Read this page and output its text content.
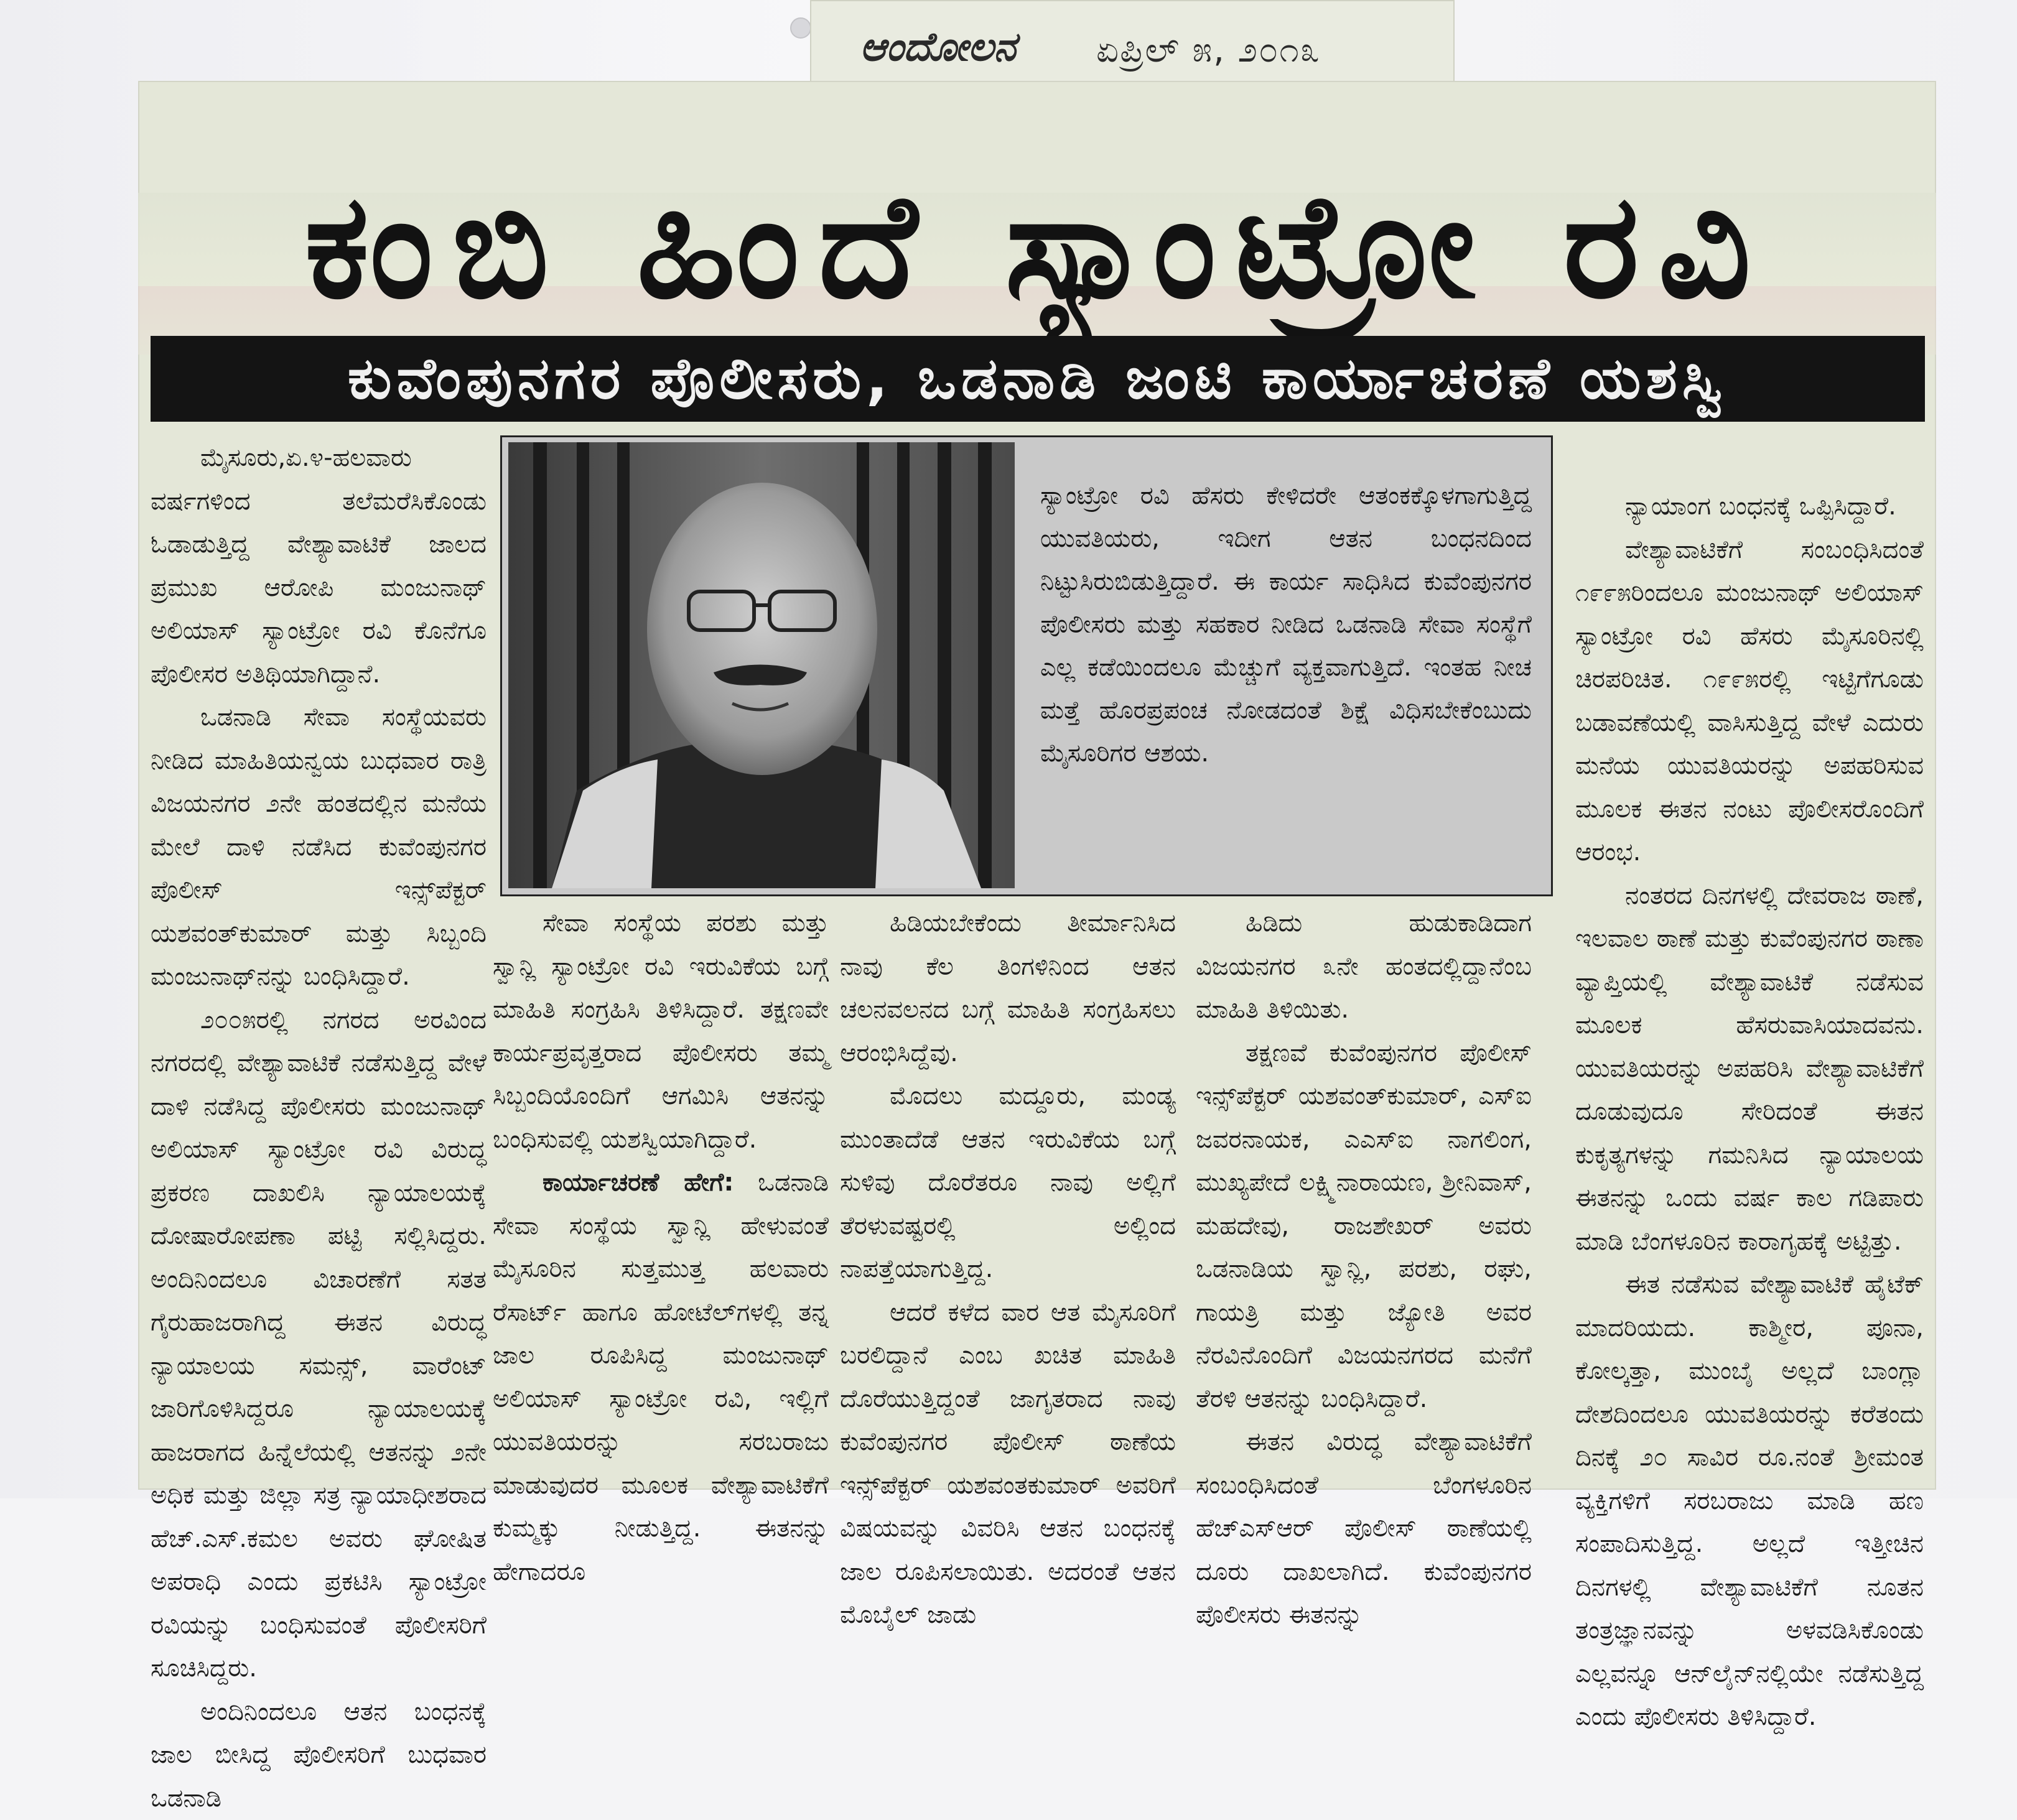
ಆಂದೋಲನ ಏಪ್ರಿಲ್ ೫, ೨೦೧೩
ಕಂಬಿ ಹಿಂದೆ ಸ್ಯಾಂಟ್ರೋ ರವಿ
ಕುವೆಂಪುನಗರ ಪೊಲೀಸರು, ಒಡನಾಡಿ ಜಂಟಿ ಕಾರ್ಯಾಚರಣೆ ಯಶಸ್ವಿ

ಮೈಸೂರು,ಏ.೪-ಹಲವಾರು ವರ್ಷಗಳಿಂದ ತಲೆಮರೆಸಿಕೊಂಡು ಓಡಾಡುತ್ತಿದ್ದ ವೇಶ್ಯಾವಾಟಿಕೆ ಜಾಲದ ಪ್ರಮುಖ ಆರೋಪಿ ಮಂಜುನಾಥ್ ಅಲಿಯಾಸ್ ಸ್ಯಾಂಟ್ರೋ ರವಿ ಕೊನೆಗೂ ಪೊಲೀಸರ ಅತಿಥಿಯಾಗಿದ್ದಾನೆ.

ಒಡನಾಡಿ ಸೇವಾ ಸಂಸ್ಥೆಯವರು ನೀಡಿದ ಮಾಹಿತಿಯನ್ವಯ ಬುಧವಾರ ರಾತ್ರಿ ವಿಜಯನಗರ ೨ನೇ ಹಂತದಲ್ಲಿನ ಮನೆಯ ಮೇಲೆ ದಾಳಿ ನಡೆಸಿದ ಕುವೆಂಪುನಗರ ಪೊಲೀಸ್ ಇನ್ಸ್‌ಪೆಕ್ಟರ್ ಯಶವಂತ್‌ಕುಮಾರ್ ಮತ್ತು ಸಿಬ್ಬಂದಿ ಮಂಜುನಾಥ್‌ನನ್ನು ಬಂಧಿಸಿದ್ದಾರೆ.

೨೦೦೫ರಲ್ಲಿ ನಗರದ ಅರವಿಂದ ನಗರದಲ್ಲಿ ವೇಶ್ಯಾವಾಟಿಕೆ ನಡೆಸುತ್ತಿದ್ದ ವೇಳೆ ದಾಳಿ ನಡೆಸಿದ್ದ ಪೊಲೀಸರು ಮಂಜುನಾಥ್ ಅಲಿಯಾಸ್ ಸ್ಯಾಂಟ್ರೋ ರವಿ ವಿರುದ್ಧ ಪ್ರಕರಣ ದಾಖಲಿಸಿ ನ್ಯಾಯಾಲಯಕ್ಕೆ ದೋಷಾರೋಪಣಾ ಪಟ್ಟಿ ಸಲ್ಲಿಸಿದ್ದರು. ಅಂದಿನಿಂದಲೂ ವಿಚಾರಣೆಗೆ ಸತತ ಗೈರುಹಾಜರಾಗಿದ್ದ ಈತನ ವಿರುದ್ಧ ನ್ಯಾಯಾಲಯ ಸಮನ್ಸ್, ವಾರೆಂಟ್ ಜಾರಿಗೊಳಿಸಿದ್ದರೂ ನ್ಯಾಯಾಲಯಕ್ಕೆ ಹಾಜರಾಗದ ಹಿನ್ನೆಲೆಯಲ್ಲಿ ಆತನನ್ನು ೨ನೇ ಅಧಿಕ ಮತ್ತು ಜಿಲ್ಲಾ ಸತ್ರ ನ್ಯಾಯಾಧೀಶರಾದ ಹೆಚ್.ಎಸ್.ಕಮಲ ಅವರು ಘೋಷಿತ ಅಪರಾಧಿ ಎಂದು ಪ್ರಕಟಿಸಿ ಸ್ಯಾಂಟ್ರೋ ರವಿಯನ್ನು ಬಂಧಿಸುವಂತೆ ಪೊಲೀಸರಿಗೆ ಸೂಚಿಸಿದ್ದರು.

ಅಂದಿನಿಂದಲೂ ಆತನ ಬಂಧನಕ್ಕೆ ಜಾಲ ಬೀಸಿದ್ದ ಪೊಲೀಸರಿಗೆ ಬುಧವಾರ ಒಡನಾಡಿ

ಸ್ಯಾಂಟ್ರೋ ರವಿ ಹೆಸರು ಕೇಳಿದರೇ ಆತಂಕಕ್ಕೊಳಗಾಗುತ್ತಿದ್ದ ಯುವತಿಯರು, ಇದೀಗ ಆತನ ಬಂಧನದಿಂದ ನಿಟ್ಟುಸಿರುಬಿಡುತ್ತಿದ್ದಾರೆ. ಈ ಕಾರ್ಯ ಸಾಧಿಸಿದ ಕುವೆಂಪುನಗರ ಪೊಲೀಸರು ಮತ್ತು ಸಹಕಾರ ನೀಡಿದ ಒಡನಾಡಿ ಸೇವಾ ಸಂಸ್ಥೆಗೆ ಎಲ್ಲ ಕಡೆಯಿಂದಲೂ ಮೆಚ್ಚುಗೆ ವ್ಯಕ್ತವಾಗುತ್ತಿದೆ. ಇಂತಹ ನೀಚ ಮತ್ತೆ ಹೊರಪ್ರಪಂಚ ನೋಡದಂತೆ ಶಿಕ್ಷೆ ವಿಧಿಸಬೇಕೆಂಬುದು ಮೈಸೂರಿಗರ ಆಶಯ.

ಸೇವಾ ಸಂಸ್ಥೆಯ ಪರಶು ಮತ್ತು ಸ್ವಾನ್ಲಿ ಸ್ಯಾಂಟ್ರೋ ರವಿ ಇರುವಿಕೆಯ ಬಗ್ಗೆ ಮಾಹಿತಿ ಸಂಗ್ರಹಿಸಿ ತಿಳಿಸಿದ್ದಾರೆ. ತಕ್ಷಣವೇ ಕಾರ್ಯಪ್ರವೃತ್ತರಾದ ಪೊಲೀಸರು ತಮ್ಮ ಸಿಬ್ಬಂದಿಯೊಂದಿಗೆ ಆಗಮಿಸಿ ಆತನನ್ನು ಬಂಧಿಸುವಲ್ಲಿ ಯಶಸ್ವಿಯಾಗಿದ್ದಾರೆ.

ಕಾರ್ಯಾಚರಣೆ ಹೇಗೆ: ಒಡನಾಡಿ ಸೇವಾ ಸಂಸ್ಥೆಯ ಸ್ವಾನ್ಲಿ ಹೇಳುವಂತೆ ಮೈಸೂರಿನ ಸುತ್ತಮುತ್ತ ಹಲವಾರು ರೆಸಾರ್ಟ್ ಹಾಗೂ ಹೋಟೆಲ್‌ಗಳಲ್ಲಿ ತನ್ನ ಜಾಲ ರೂಪಿಸಿದ್ದ ಮಂಜುನಾಥ್ ಅಲಿಯಾಸ್ ಸ್ಯಾಂಟ್ರೋ ರವಿ, ಇಲ್ಲಿಗೆ ಯುವತಿಯರನ್ನು ಸರಬರಾಜು ಮಾಡುವುದರ ಮೂಲಕ ವೇಶ್ಯಾವಾಟಿಕೆಗೆ ಕುಮ್ಮಕ್ಕು ನೀಡುತ್ತಿದ್ದ. ಈತನನ್ನು ಹೇಗಾದರೂ

ಹಿಡಿಯಬೇಕೆಂದು ತೀರ್ಮಾನಿಸಿದ ನಾವು ಕೆಲ ತಿಂಗಳಿನಿಂದ ಆತನ ಚಲನವಲನದ ಬಗ್ಗೆ ಮಾಹಿತಿ ಸಂಗ್ರಹಿಸಲು ಆರಂಭಿಸಿದ್ದೆವು.

ಮೊದಲು ಮದ್ದೂರು, ಮಂಡ್ಯ ಮುಂತಾದೆಡೆ ಆತನ ಇರುವಿಕೆಯ ಬಗ್ಗೆ ಸುಳಿವು ದೊರೆತರೂ ನಾವು ಅಲ್ಲಿಗೆ ತೆರಳುವಷ್ಟರಲ್ಲಿ ಅಲ್ಲಿಂದ ನಾಪತ್ತೆಯಾಗುತ್ತಿದ್ದ.

ಆದರೆ ಕಳೆದ ವಾರ ಆತ ಮೈಸೂರಿಗೆ ಬರಲಿದ್ದಾನೆ ಎಂಬ ಖಚಿತ ಮಾಹಿತಿ ದೊರೆಯುತ್ತಿದ್ದಂತೆ ಜಾಗೃತರಾದ ನಾವು ಕುವೆಂಪುನಗರ ಪೊಲೀಸ್ ಠಾಣೆಯ ಇನ್ಸ್‌ಪೆಕ್ಟರ್ ಯಶವಂತಕುಮಾರ್ ಅವರಿಗೆ ವಿಷಯವನ್ನು ವಿವರಿಸಿ ಆತನ ಬಂಧನಕ್ಕೆ ಜಾಲ ರೂಪಿಸಲಾಯಿತು. ಅದರಂತೆ ಆತನ ಮೊಬೈಲ್ ಜಾಡು

ಹಿಡಿದು ಹುಡುಕಾಡಿದಾಗ ವಿಜಯನಗರ ೩ನೇ ಹಂತದಲ್ಲಿದ್ದಾನೆಂಬ ಮಾಹಿತಿ ತಿಳಿಯಿತು.

ತಕ್ಷಣವೆ ಕುವೆಂಪುನಗರ ಪೊಲೀಸ್ ಇನ್ಸ್‌ಪೆಕ್ಟರ್ ಯಶವಂತ್‌ಕುಮಾರ್, ಎಸ್‌ಐ ಜವರನಾಯಕ, ಎಎಸ್‌ಐ ನಾಗಲಿಂಗ, ಮುಖ್ಯಪೇದೆ ಲಕ್ಷ್ಮಿನಾರಾಯಣ, ಶ್ರೀನಿವಾಸ್, ಮಹದೇವು, ರಾಜಶೇಖರ್ ಅವರು ಒಡನಾಡಿಯ ಸ್ವಾನ್ಲಿ, ಪರಶು, ರಘು, ಗಾಯತ್ರಿ ಮತ್ತು ಜ್ಯೋತಿ ಅವರ ನೆರವಿನೊಂದಿಗೆ ವಿಜಯನಗರದ ಮನೆಗೆ ತೆರಳಿ ಆತನನ್ನು ಬಂಧಿಸಿದ್ದಾರೆ.

ಈತನ ವಿರುದ್ಧ ವೇಶ್ಯಾವಾಟಿಕೆಗೆ ಸಂಬಂಧಿಸಿದಂತೆ ಬೆಂಗಳೂರಿನ ಹೆಚ್‌ಎಸ್‌ಆರ್ ಪೊಲೀಸ್ ಠಾಣೆಯಲ್ಲಿ ದೂರು ದಾಖಲಾಗಿದೆ. ಕುವೆಂಪುನಗರ ಪೊಲೀಸರು ಈತನನ್ನು

ನ್ಯಾಯಾಂಗ ಬಂಧನಕ್ಕೆ ಒಪ್ಪಿಸಿದ್ದಾರೆ.

ವೇಶ್ಯಾವಾಟಿಕೆಗೆ ಸಂಬಂಧಿಸಿದಂತೆ ೧೯೯೫ರಿಂದಲೂ ಮಂಜುನಾಥ್ ಅಲಿಯಾಸ್ ಸ್ಯಾಂಟ್ರೋ ರವಿ ಹೆಸರು ಮೈಸೂರಿನಲ್ಲಿ ಚಿರಪರಿಚಿತ. ೧೯೯೫ರಲ್ಲಿ ಇಟ್ಟಿಗೆಗೂಡು ಬಡಾವಣೆಯಲ್ಲಿ ವಾಸಿಸುತ್ತಿದ್ದ ವೇಳೆ ಎದುರು ಮನೆಯ ಯುವತಿಯರನ್ನು ಅಪಹರಿಸುವ ಮೂಲಕ ಈತನ ನಂಟು ಪೊಲೀಸರೊಂದಿಗೆ ಆರಂಭ.

ನಂತರದ ದಿನಗಳಲ್ಲಿ ದೇವರಾಜ ಠಾಣೆ, ಇಲವಾಲ ಠಾಣೆ ಮತ್ತು ಕುವೆಂಪುನಗರ ಠಾಣಾ ವ್ಯಾಪ್ತಿಯಲ್ಲಿ ವೇಶ್ಯಾವಾಟಿಕೆ ನಡೆಸುವ ಮೂಲಕ ಹೆಸರುವಾಸಿಯಾದವನು. ಯುವತಿಯರನ್ನು ಅಪಹರಿಸಿ ವೇಶ್ಯಾವಾಟಿಕೆಗೆ ದೂಡುವುದೂ ಸೇರಿದಂತೆ ಈತನ ಕುಕೃತ್ಯಗಳನ್ನು ಗಮನಿಸಿದ ನ್ಯಾಯಾಲಯ ಈತನನ್ನು ಒಂದು ವರ್ಷ ಕಾಲ ಗಡಿಪಾರು ಮಾಡಿ ಬೆಂಗಳೂರಿನ ಕಾರಾಗೃಹಕ್ಕೆ ಅಟ್ಟಿತ್ತು.

ಈತ ನಡೆಸುವ ವೇಶ್ಯಾವಾಟಿಕೆ ಹೈಟೆಕ್ ಮಾದರಿಯದು. ಕಾಶ್ಮೀರ, ಪೂನಾ, ಕೋಲ್ಕತ್ತಾ, ಮುಂಬೈ ಅಲ್ಲದೆ ಬಾಂಗ್ಲಾ ದೇಶದಿಂದಲೂ ಯುವತಿಯರನ್ನು ಕರೆತಂದು ದಿನಕ್ಕೆ ೨೦ ಸಾವಿರ ರೂ.ನಂತೆ ಶ್ರೀಮಂತ ವ್ಯಕ್ತಿಗಳಿಗೆ ಸರಬರಾಜು ಮಾಡಿ ಹಣ ಸಂಪಾದಿಸುತ್ತಿದ್ದ. ಅಲ್ಲದೆ ಇತ್ತೀಚಿನ ದಿನಗಳಲ್ಲಿ ವೇಶ್ಯಾವಾಟಿಕೆಗೆ ನೂತನ ತಂತ್ರಜ್ಞಾನವನ್ನು ಅಳವಡಿಸಿಕೊಂಡು ಎಲ್ಲವನ್ನೂ ಆನ್‌ಲೈನ್‌ನಲ್ಲಿಯೇ ನಡೆಸುತ್ತಿದ್ದ ಎಂದು ಪೊಲೀಸರು ತಿಳಿಸಿದ್ದಾರೆ.
